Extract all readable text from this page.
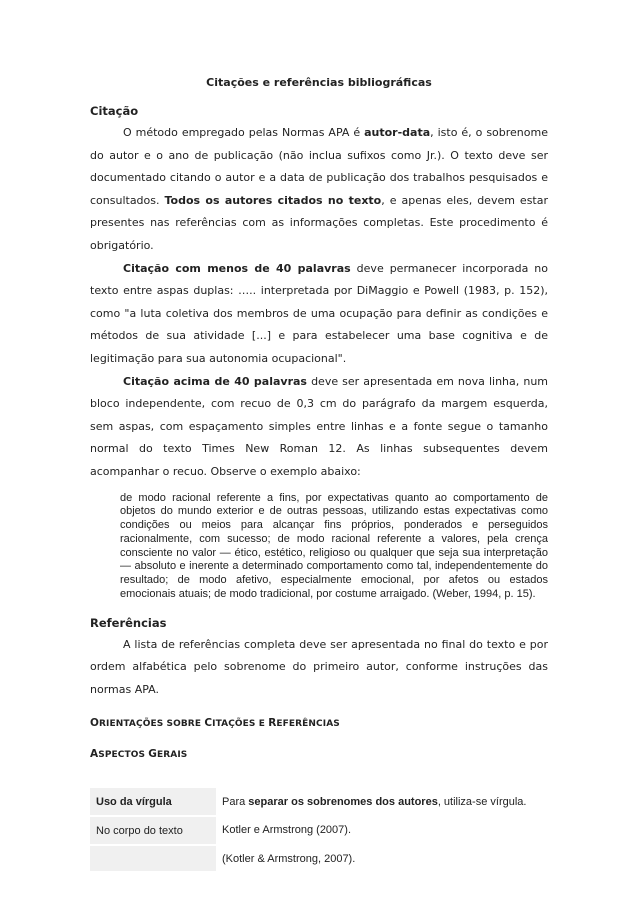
Citações e referências bibliográficas
Citação

O método empregado pelas Normas APA é autor-data, isto é, o sobrenome do autor e o ano de publicação (não inclua sufixos como Jr.). O texto deve ser documentado citando o autor e a data de publicação dos trabalhos pesquisados e consultados. Todos os autores citados no texto, e apenas eles, devem estar presentes nas referências com as informações completas. Este procedimento é obrigatório.

Citação com menos de 40 palavras deve permanecer incorporada no texto entre aspas duplas: ….. interpretada por DiMaggio e Powell (1983, p. 152), como "a luta coletiva dos membros de uma ocupação para definir as condições e métodos de sua atividade [...] e para estabelecer uma base cognitiva e de legitimação para sua autonomia ocupacional".

Citação acima de 40 palavras deve ser apresentada em nova linha, num bloco independente, com recuo de 0,3 cm do parágrafo da margem esquerda, sem aspas, com espaçamento simples entre linhas e a fonte segue o tamanho normal do texto Times New Roman 12. As linhas subsequentes devem acompanhar o recuo. Observe o exemplo abaixo:

de modo racional referente a fins, por expectativas quanto ao comportamento de objetos do mundo exterior e de outras pessoas, utilizando estas expectativas como condições ou meios para alcançar fins próprios, ponderados e perseguidos racionalmente, com sucesso; de modo racional referente a valores, pela crença consciente no valor — ético, estético, religioso ou qualquer que seja sua interpretação — absoluto e inerente a determinado comportamento como tal, independentemente do resultado; de modo afetivo, especialmente emocional, por afetos ou estados emocionais atuais; de modo tradicional, por costume arraigado. (Weber, 1994, p. 15).
Referências

A lista de referências completa deve ser apresentada no final do texto e por ordem alfabética pelo sobrenome do primeiro autor, conforme instruções das normas APA.

ORIENTAÇÕES SOBRE CITAÇÕES E REFERÊNCIAS
ASPECTOS GERAIS
Uso da vírgula	Para separar os sobrenomes dos autores, utiliza-se vírgula.
No corpo do texto	Kotler e Armstrong (2007).
	(Kotler & Armstrong, 2007).
